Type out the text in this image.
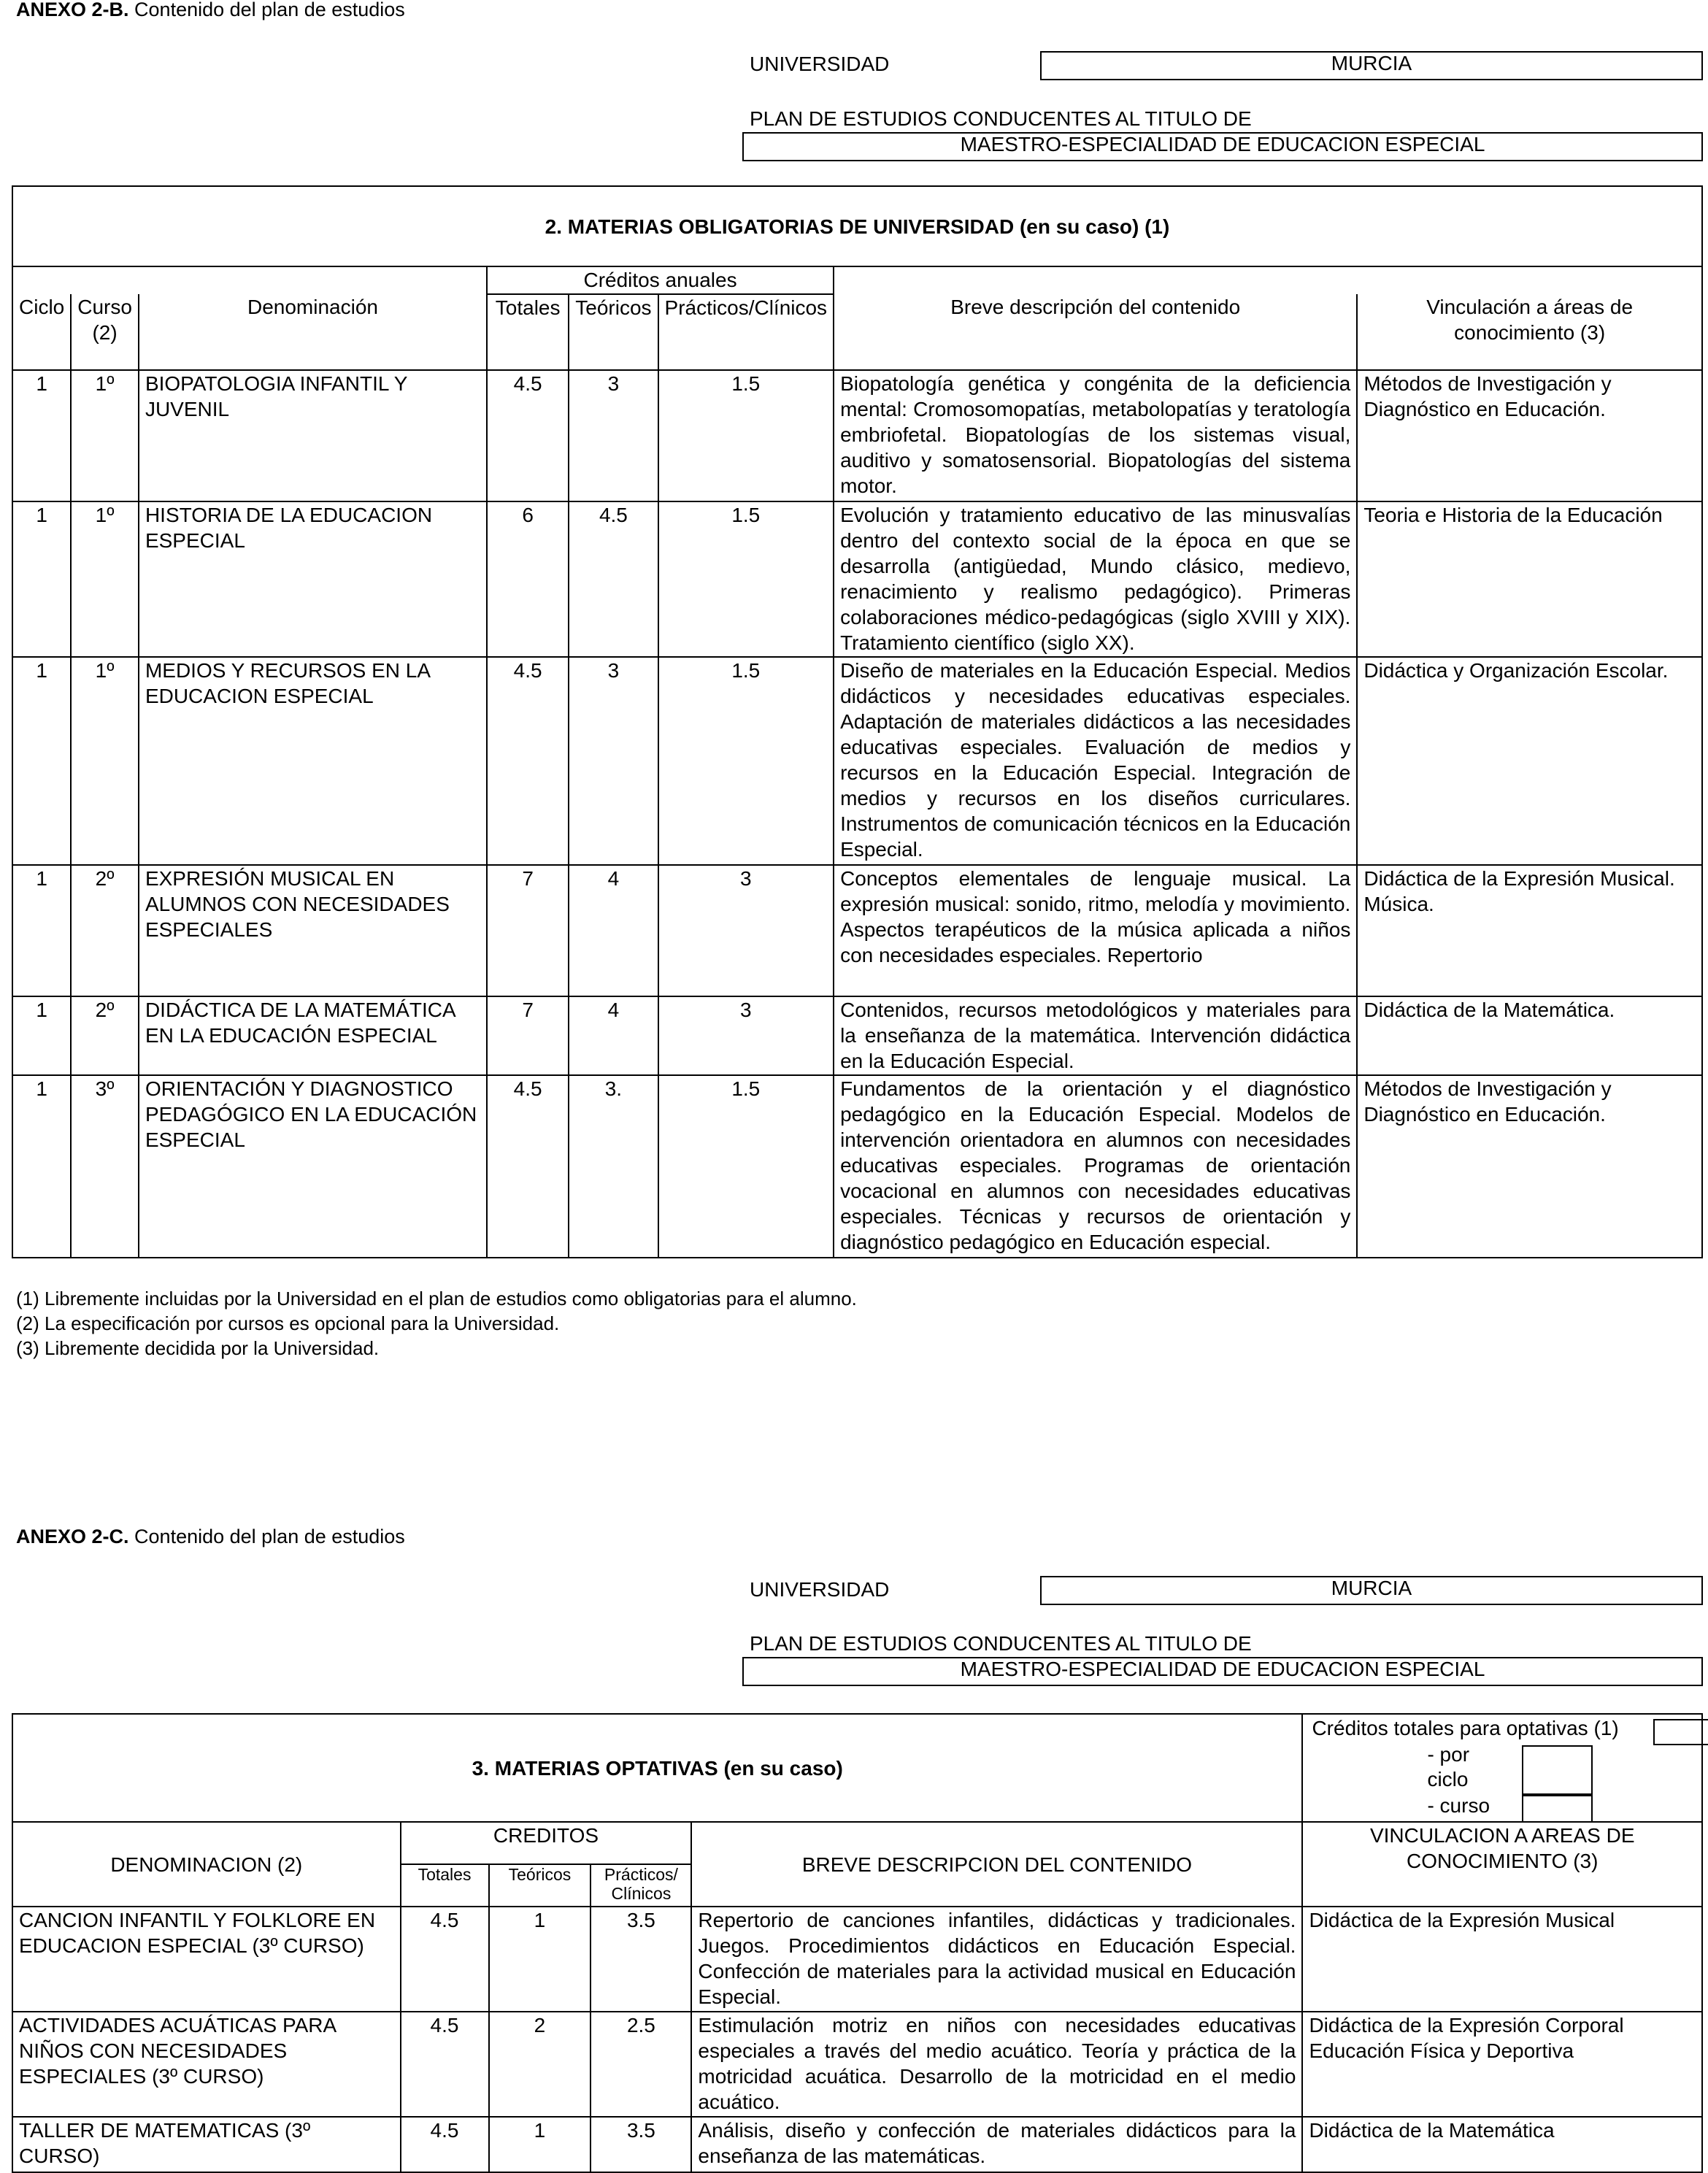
ANEXO 2-B. Contenido del plan de estudios
UNIVERSIDAD	MURCIA
PLAN DE ESTUDIOS CONDUCENTES AL TITULO DE
MAESTRO-ESPECIALIDAD DE EDUCACION ESPECIAL
2. MATERIAS OBLIGATORIAS DE UNIVERSIDAD (en su caso) (1)							
			Créditos anuales				
Ciclo	Curso (2)	Denominación	Totales	Teóricos	Prácticos/Clínicos	Breve descripción del contenido	Vinculación a áreas de conocimiento (3)
1	1º	BIOPATOLOGIA INFANTIL Y JUVENIL	4.5	3	1.5	Biopatología genética y congénita de la deficiencia mental: Cromosomopatías, metabolopatías y teratología embriofetal. Biopatologías de los sistemas visual, auditivo y somatosensorial. Biopatologías del sistema motor.	Métodos de Investigación y Diagnóstico en Educación.
1	1º	HISTORIA DE LA EDUCACION ESPECIAL	6	4.5	1.5	Evolución y tratamiento educativo de las minusvalías dentro del contexto social de la época en que se desarrolla (antigüedad, Mundo clásico, medievo, renacimiento y realismo pedagógico). Primeras colaboraciones médico-pedagógicas (siglo XVIII y XIX). Tratamiento científico (siglo XX).	Teoria e Historia de la Educación
1	1º	MEDIOS Y RECURSOS EN LA EDUCACION ESPECIAL	4.5	3	1.5	Diseño de materiales en la Educación Especial. Medios didácticos y necesidades educativas especiales. Adaptación de materiales didácticos a las necesidades educativas especiales. Evaluación de medios y recursos en la Educación Especial. Integración de medios y recursos en los diseños curriculares. Instrumentos de comunicación técnicos en la Educación Especial.	Didáctica y Organización Escolar.
1	2º	EXPRESIÓN MUSICAL EN ALUMNOS CON NECESIDADES ESPECIALES	7	4	3	Conceptos elementales de lenguaje musical. La expresión musical: sonido, ritmo, melodía y movimiento. Aspectos terapéuticos de la música aplicada a niños con necesidades especiales. Repertorio	Didáctica de la Expresión Musical. Música.
1	2º	DIDÁCTICA DE LA MATEMÁTICA EN LA EDUCACIÓN ESPECIAL	7	4	3	Contenidos, recursos metodológicos y materiales para la enseñanza de la matemática. Intervención didáctica en la Educación Especial.	Didáctica de la Matemática.
1	3º	ORIENTACIÓN Y DIAGNOSTICO PEDAGÓGICO EN LA EDUCACIÓN ESPECIAL	4.5	3.	1.5	Fundamentos de la orientación y el diagnóstico pedagógico en la Educación Especial. Modelos de intervención orientadora en alumnos con necesidades educativas especiales. Programas de orientación vocacional en alumnos con necesidades educativas especiales. Técnicas y recursos de orientación y diagnóstico pedagógico en Educación especial.	Métodos de Investigación y Diagnóstico en Educación.
(1) Libremente incluidas por la Universidad en el plan de estudios como obligatorias para el alumno.
(2) La especificación por cursos es opcional para la Universidad.
(3) Libremente decidida por la Universidad.
ANEXO 2-C. Contenido del plan de estudios
UNIVERSIDAD	MURCIA
PLAN DE ESTUDIOS CONDUCENTES AL TITULO DE
MAESTRO-ESPECIALIDAD DE EDUCACION ESPECIAL
3. MATERIAS OPTATIVAS (en su caso)					Créditos totales para optativas (1)
- por ciclo
- curso

DENOMINACION (2)	CREDITOS			BREVE DESCRIPCION DEL CONTENIDO	VINCULACION A AREAS DE CONOCIMIENTO (3)
	Totales	Teóricos	Prácticos/ Clínicos		
CANCION INFANTIL Y FOLKLORE EN EDUCACION ESPECIAL (3º CURSO)	4.5	1	3.5	Repertorio de canciones infantiles, didácticas y tradicionales. Juegos. Procedimientos didácticos en Educación Especial. Confección de materiales para la actividad musical en Educación Especial.	Didáctica de la Expresión Musical
ACTIVIDADES ACUÁTICAS PARA NIÑOS CON NECESIDADES ESPECIALES (3º CURSO)	4.5	2	2.5	Estimulación motriz en niños con necesidades educativas especiales a través del medio acuático. Teoría y práctica de la motricidad acuática. Desarrollo de la motricidad en el medio acuático.	Didáctica de la Expresión Corporal Educación Física y Deportiva
TALLER DE MATEMATICAS (3º CURSO)	4.5	1	3.5	Análisis, diseño y confección de materiales didácticos para la enseñanza de las matemáticas.	Didáctica de la Matemática
